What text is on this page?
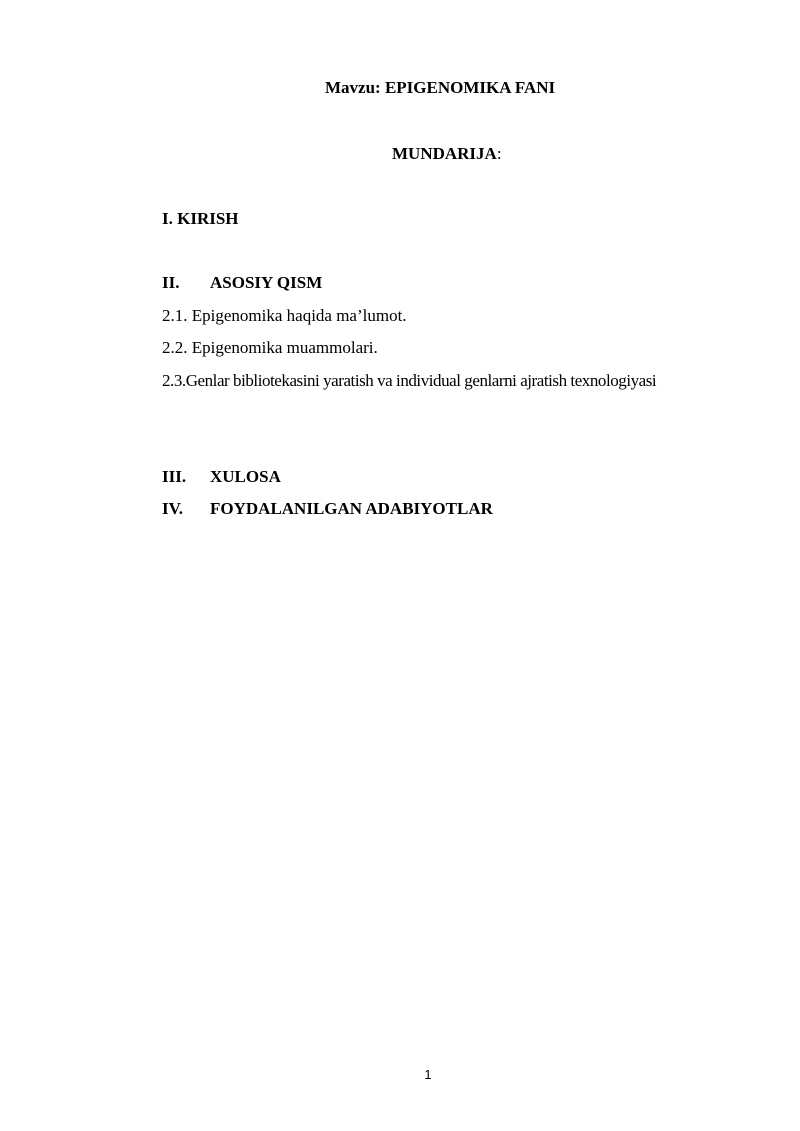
Mavzu: EPIGENOMIKA FANI
MUNDARIJA:
I. KIRISH
II. ASOSIY QISM
2.1. Epigenomika haqida ma’lumot.
2.2. Epigenomika muammolari.
2.3.Genlar bibliotekasini yaratish va individual genlarni ajratish texnologiyasi
III. XULOSA
IV. FOYDALANILGAN ADABIYOTLAR
1
